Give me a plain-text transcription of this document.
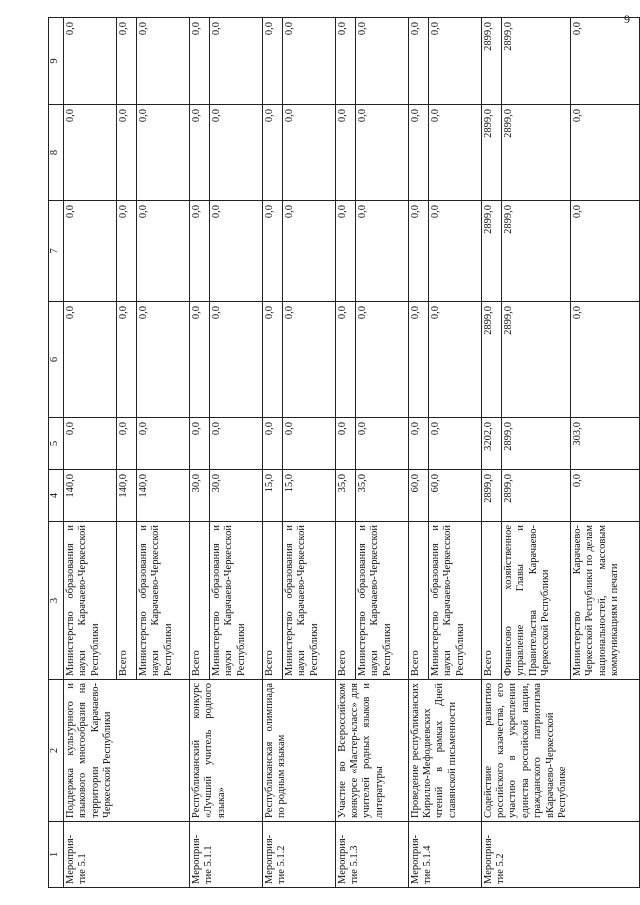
9
1	2	3	4	5	6	7	8	9
Мероприя-тие 5.1	Поддержка культурного и языкового многообразия на территории Карачаево-Черкесской Республики	Министерство образования и науки Карачаево-Черкесской Республики	140,0	0,0	0,0	0,0	0,0	0,0
		Всего	140,0	0,0	0,0	0,0	0,0	0,0
		Министерство образования и науки Карачаево-Черкесской Республики	140,0	0,0	0,0	0,0	0,0	0,0
Мероприя-тие 5.1.1	Республиканский конкурс «Лучший учитель родного языка»	Всего	30,0	0,0	0,0	0,0	0,0	0,0
		Министерство образования и науки Карачаево-Черкесской Республики	30,0	0,0	0,0	0,0	0,0	0,0
Мероприя-тие 5.1.2	Республиканская олимпиада по родным языкам	Всего	15,0	0,0	0,0	0,0	0,0	0,0
		Министерство образования и науки Карачаево-Черкесской Республики	15,0	0,0	0,0	0,0	0,0	0,0
Мероприя-тие 5.1.3	Участие во Всероссийском конкурсе «Мастер-класс» для учителей родных языков и литературы	Всего	35,0	0,0	0,0	0,0	0,0	0,0
		Министерство образования и науки Карачаево-Черкесской Республики	35,0	0,0	0,0	0,0	0,0	0,0
Мероприя-тие 5.1.4	Проведение республиканских Кирилло-Мефодиевских чтений в рамках Дней славянской письменности	Всего	60,0	0,0	0,0	0,0	0,0	0,0
		Министерство образования и науки Карачаево-Черкесской Республики	60,0	0,0	0,0	0,0	0,0	0,0
Мероприя-тие 5.2	Содействие развитию российского казачества, его участию в укреплении единства российской нации, гражданского патриотизма вКарачаево-Черкесской Республике	Всего	2899,0	3202,0	2899,0	2899,0	2899,0	2899,0
		Финансово хозяйственное управление Главы и Правительства Карачаево-Черкесской Республики	2899,0	2899,0	2899,0	2899,0	2899,0	2899,0
		Министерство Карачаево-Черкесской Республики по делам национальностей, массовым коммуникациям и печати	0,0	303,0	0,0	0,0	0,0	0,0
